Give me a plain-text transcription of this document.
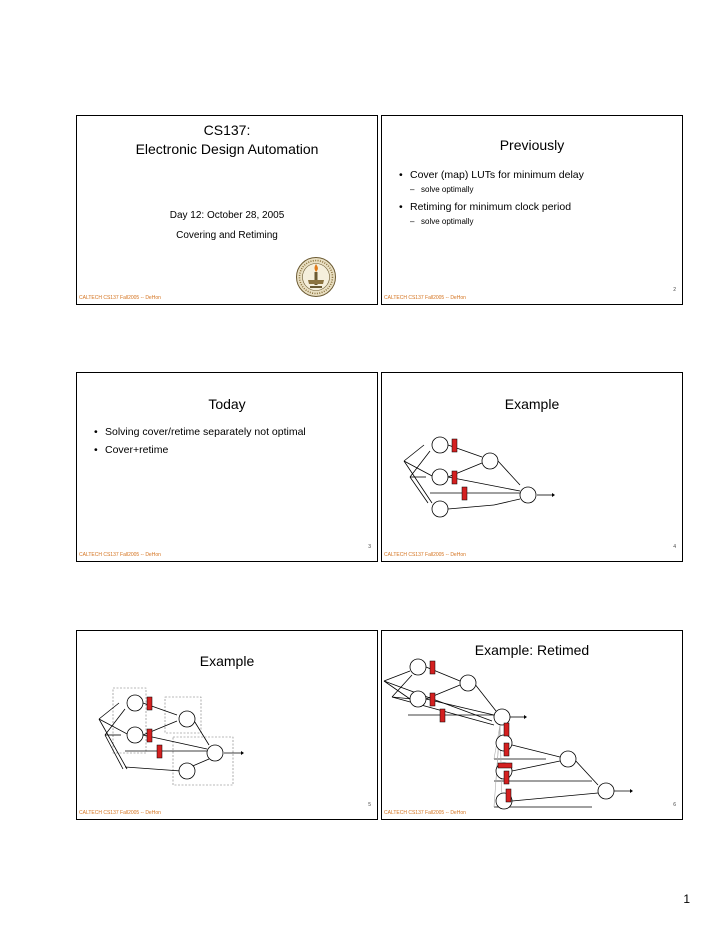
CS137:
Electronic Design Automation
Day 12: October 28, 2005
Covering and Retiming
CALTECH CS137 Fall2005 -- DeHon
Previously
• Cover (map) LUTs for minimum delay
– solve optimally
• Retiming for minimum clock period
– solve optimally
2
CALTECH CS137 Fall2005 -- DeHon
Today
• Solving cover/retime separately not optimal
• Cover+retime
3
CALTECH CS137 Fall2005 -- DeHon
Example
4
CALTECH CS137 Fall2005 -- DeHon
Example
5
CALTECH CS137 Fall2005 -- DeHon
Example: Retimed
6
CALTECH CS137 Fall2005 -- DeHon
1
